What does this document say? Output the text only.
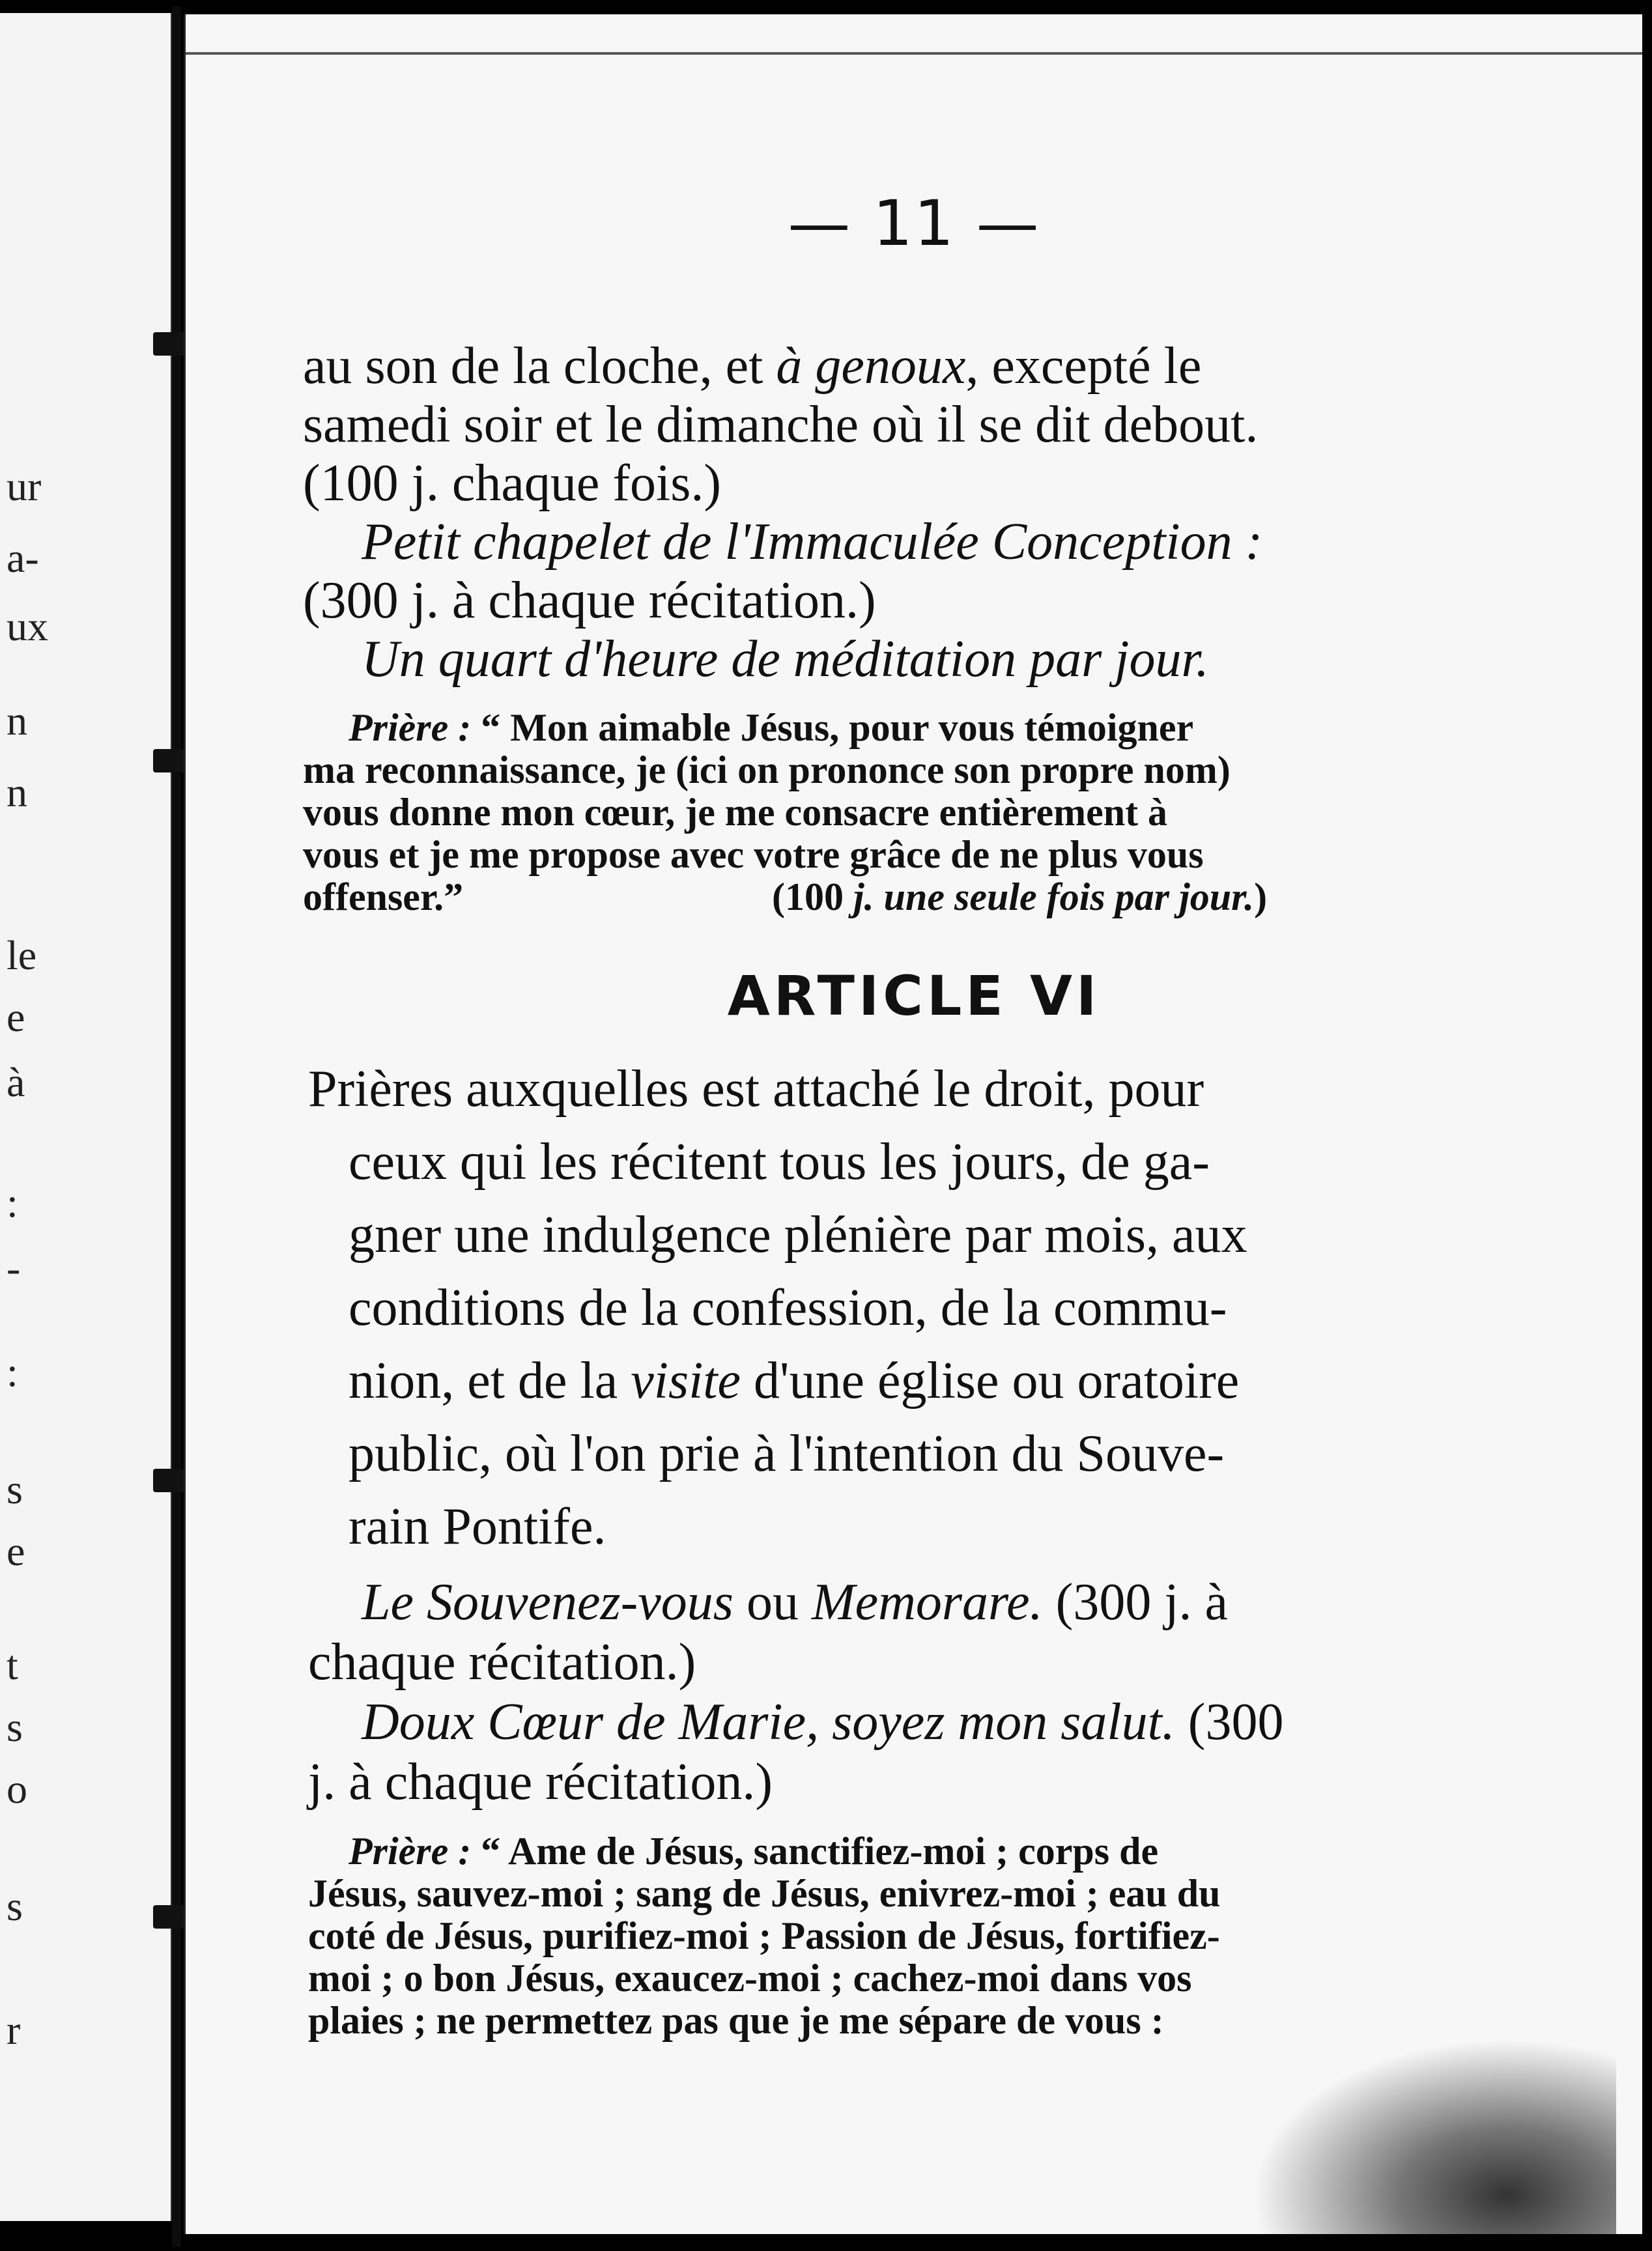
ur
a-
ux
n
n
le
e
à
:
-
:
s
e
t
s
o
s
r
— 11 —
au son de la cloche, et à genoux, excepté le
samedi soir et le dimanche où il se dit debout.
(100 j. chaque fois.)
Petit chapelet de l'Immaculée Conception :
(300 j. à chaque récitation.)
Un quart d'heure de méditation par jour.
Prière : “ Mon aimable Jésus, pour vous témoigner
ma reconnaissance, je (ici on prononce son propre nom)
vous donne mon cœur, je me consacre entièrement à
vous et je me propose avec votre grâce de ne plus vous
offenser.”	(100 j. une seule fois par jour.)
ARTICLE VI
Prières auxquelles est attaché le droit, pour
ceux qui les récitent tous les jours, de ga-
gner une indulgence plénière par mois, aux
conditions de la confession, de la commu-
nion, et de la visite d'une église ou oratoire
public, où l'on prie à l'intention du Souve-
rain Pontife.
Le Souvenez-vous ou Memorare. (300 j. à
chaque récitation.)
Doux Cœur de Marie, soyez mon salut. (300
j. à chaque récitation.)
Prière : “ Ame de Jésus, sanctifiez-moi ; corps de
Jésus, sauvez-moi ; sang de Jésus, enivrez-moi ; eau du
coté de Jésus, purifiez-moi ; Passion de Jésus, fortifiez-
moi ; o bon Jésus, exaucez-moi ; cachez-moi dans vos
plaies ; ne permettez pas que je me sépare de vous :
